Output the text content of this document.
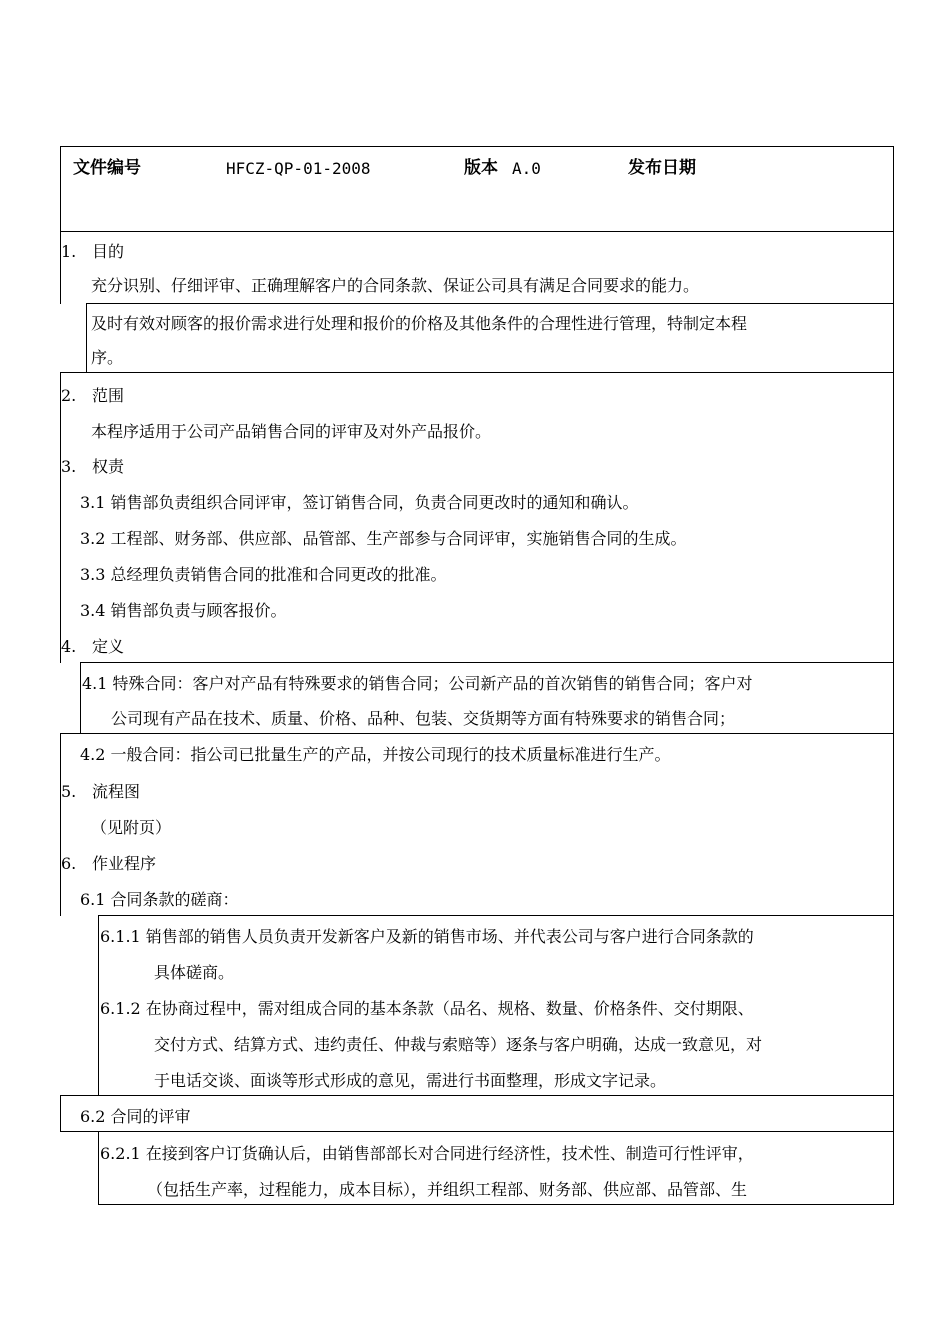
文件编号	HFCZ-QP-01-2008	版本 A.0	发布日期
1. 目的
充分识别、仔细评审、正确理解客户的合同条款、保证公司具有满足合同要求的能力。
及时有效对顾客的报价需求进行处理和报价的价格及其他条件的合理性进行管理，特制定本程
序。
2. 范围
本程序适用于公司产品销售合同的评审及对外产品报价。
3. 权责
3.1 销售部负责组织合同评审，签订销售合同，负责合同更改时的通知和确认。
3.2 工程部、财务部、供应部、品管部、生产部参与合同评审，实施销售合同的生成。
3.3 总经理负责销售合同的批准和合同更改的批准。
3.4 销售部负责与顾客报价。
4. 定义
4.1 特殊合同：客户对产品有特殊要求的销售合同；公司新产品的首次销售的销售合同；客户对
公司现有产品在技术、质量、价格、品种、包装、交货期等方面有特殊要求的销售合同；
4.2 一般合同：指公司已批量生产的产品，并按公司现行的技术质量标准进行生产。
5. 流程图
（见附页）
6. 作业程序
6.1 合同条款的磋商：
6.1.1 销售部的销售人员负责开发新客户及新的销售市场、并代表公司与客户进行合同条款的
具体磋商。
6.1.2 在协商过程中，需对组成合同的基本条款（品名、规格、数量、价格条件、交付期限、
交付方式、结算方式、违约责任、仲裁与索赔等）逐条与客户明确，达成一致意见，对
于电话交谈、面谈等形式形成的意见，需进行书面整理，形成文字记录。
6.2 合同的评审
6.2.1 在接到客户订货确认后，由销售部部长对合同进行经济性，技术性、制造可行性评审，
（包括生产率，过程能力，成本目标），并组织工程部、财务部、供应部、品管部、生
